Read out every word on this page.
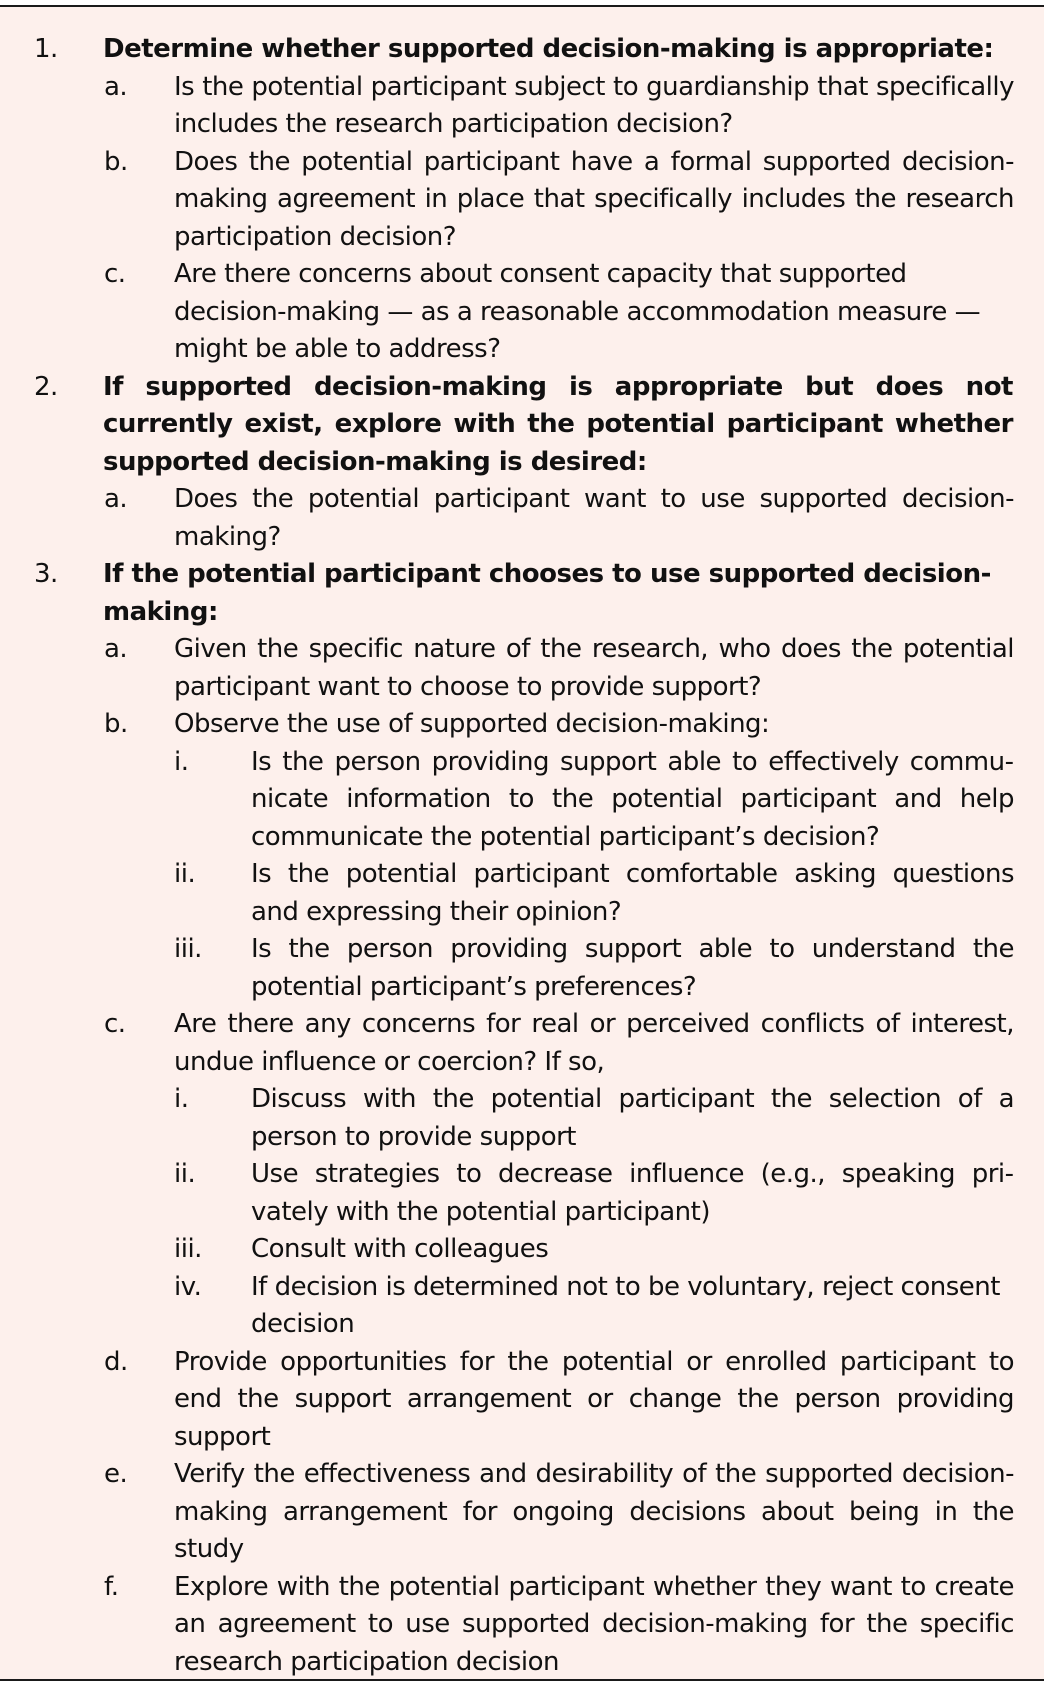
1. Determine whether supported decision-making is appropriate:
a. Is the potential participant subject to guardianship that specifically includes the research participation decision?
b. Does the potential participant have a formal supported decision-making agreement in place that specifically includes the research participation decision?
c. Are there concerns about consent capacity that supported decision-making — as a reasonable accommodation measure — might be able to address?
2. If supported decision-making is appropriate but does not currently exist, explore with the potential participant whether supported decision-making is desired:
a. Does the potential participant want to use supported decision-making?
3. If the potential participant chooses to use supported decision-making:
a. Given the specific nature of the research, who does the potential participant want to choose to provide support?
b. Observe the use of supported decision-making:
i. Is the person providing support able to effectively communicate information to the potential participant and help communicate the potential participant’s decision?
ii. Is the potential participant comfortable asking questions and expressing their opinion?
iii. Is the person providing support able to understand the potential participant’s preferences?
c. Are there any concerns for real or perceived conflicts of interest, undue influence or coercion? If so,
i. Discuss with the potential participant the selection of a person to provide support
ii. Use strategies to decrease influence (e.g., speaking privately with the potential participant)
iii. Consult with colleagues
iv. If decision is determined not to be voluntary, reject consent decision
d. Provide opportunities for the potential or enrolled participant to end the support arrangement or change the person providing support
e. Verify the effectiveness and desirability of the supported decision-making arrangement for ongoing decisions about being in the study
f. Explore with the potential participant whether they want to create an agreement to use supported decision-making for the specific research participation decision
